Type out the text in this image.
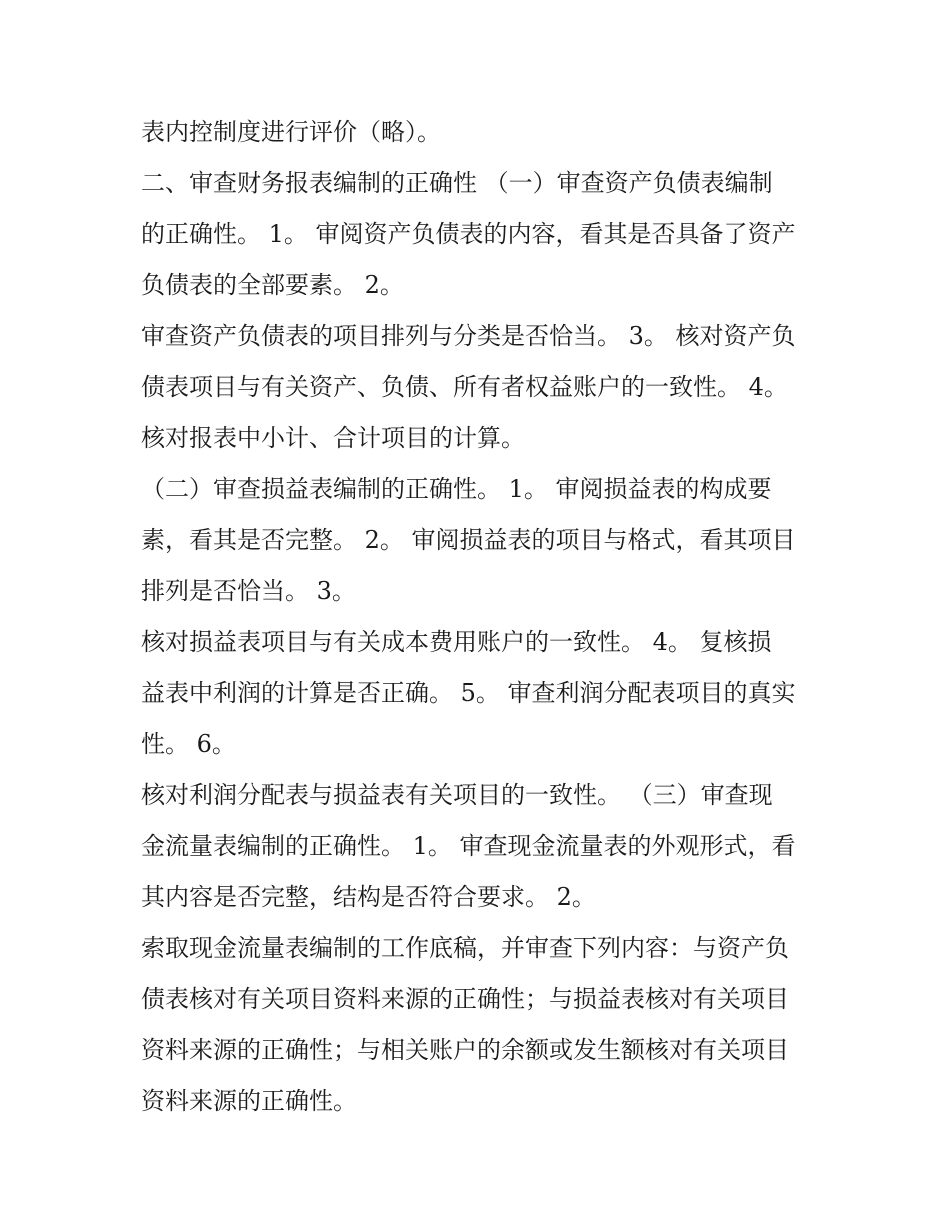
表内控制度进行评价（略）。
二、审查财务报表编制的正确性 （一）审查资产负债表编制
的正确性。 1。 审阅资产负债表的内容，看其是否具备了资产
负债表的全部要素。 2。
审查资产负债表的项目排列与分类是否恰当。 3。 核对资产负
债表项目与有关资产、负债、所有者权益账户的一致性。 4。
核对报表中小计、合计项目的计算。
（二）审查损益表编制的正确性。 1。 审阅损益表的构成要
素，看其是否完整。 2。 审阅损益表的项目与格式，看其项目
排列是否恰当。 3。
核对损益表项目与有关成本费用账户的一致性。 4。 复核损
益表中利润的计算是否正确。 5。 审查利润分配表项目的真实
性。 6。
核对利润分配表与损益表有关项目的一致性。 （三）审查现
金流量表编制的正确性。 1。 审查现金流量表的外观形式，看
其内容是否完整，结构是否符合要求。 2。
索取现金流量表编制的工作底稿，并审查下列内容：与资产负
债表核对有关项目资料来源的正确性；与损益表核对有关项目
资料来源的正确性；与相关账户的余额或发生额核对有关项目
资料来源的正确性。
